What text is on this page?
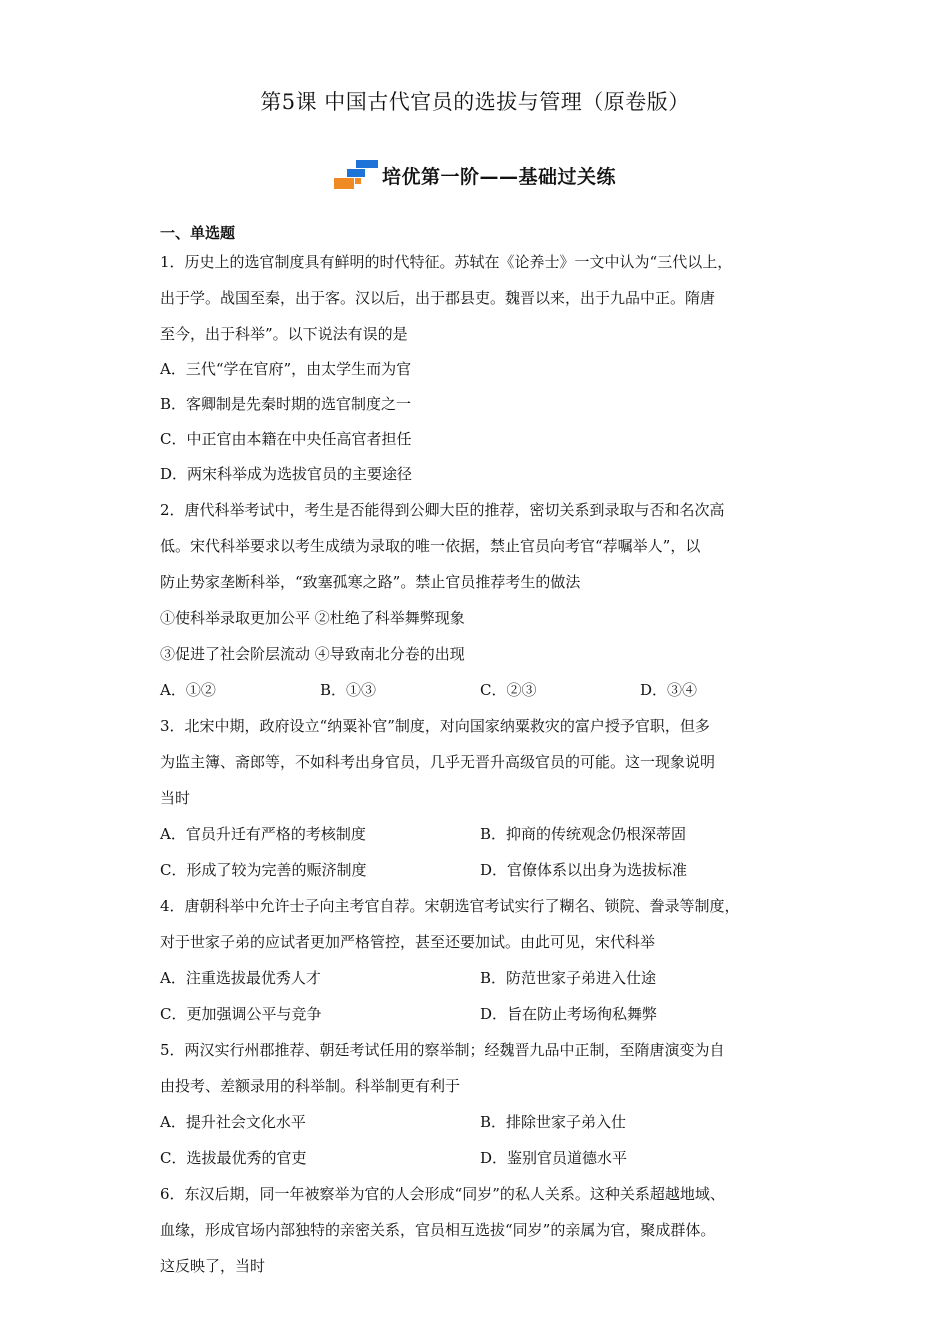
第5课 中国古代官员的选拔与管理（原卷版）
培优第一阶——基础过关练
一、单选题
1．历史上的选官制度具有鲜明的时代特征。苏轼在《论养士》一文中认为“三代以上，
出于学。战国至秦，出于客。汉以后，出于郡县吏。魏晋以来，出于九品中正。隋唐
至今，出于科举”。以下说法有误的是
A．三代“学在官府”，由太学生而为官
B．客卿制是先秦时期的选官制度之一
C．中正官由本籍在中央任高官者担任
D．两宋科举成为选拔官员的主要途径
2．唐代科举考试中，考生是否能得到公卿大臣的推荐，密切关系到录取与否和名次高
低。宋代科举要求以考生成绩为录取的唯一依据，禁止官员向考官“荐嘱举人”，以
防止势家垄断科举，“致塞孤寒之路”。禁止官员推荐考生的做法
①使科举录取更加公平 ②杜绝了科举舞弊现象
③促进了社会阶层流动 ④导致南北分卷的出现
A．①②	B．①③	C．②③	D．③④
3．北宋中期，政府设立“纳粟补官”制度，对向国家纳粟救灾的富户授予官职，但多
为监主簿、斋郎等，不如科考出身官员，几乎无晋升高级官员的可能。这一现象说明
当时
A．官员升迁有严格的考核制度	B．抑商的传统观念仍根深蒂固
C．形成了较为完善的赈济制度	D．官僚体系以出身为选拔标准
4．唐朝科举中允许士子向主考官自荐。宋朝选官考试实行了糊名、锁院、誊录等制度，
对于世家子弟的应试者更加严格管控，甚至还要加试。由此可见，宋代科举
A．注重选拔最优秀人才	B．防范世家子弟进入仕途
C．更加强调公平与竞争	D．旨在防止考场徇私舞弊
5．两汉实行州郡推荐、朝廷考试任用的察举制；经魏晋九品中正制，至隋唐演变为自
由投考、差额录用的科举制。科举制更有利于
A．提升社会文化水平	B．排除世家子弟入仕
C．选拔最优秀的官吏	D．鉴别官员道德水平
6．东汉后期，同一年被察举为官的人会形成“同岁”的私人关系。这种关系超越地域、
血缘，形成官场内部独特的亲密关系，官员相互选拔“同岁”的亲属为官，聚成群体。
这反映了，当时
